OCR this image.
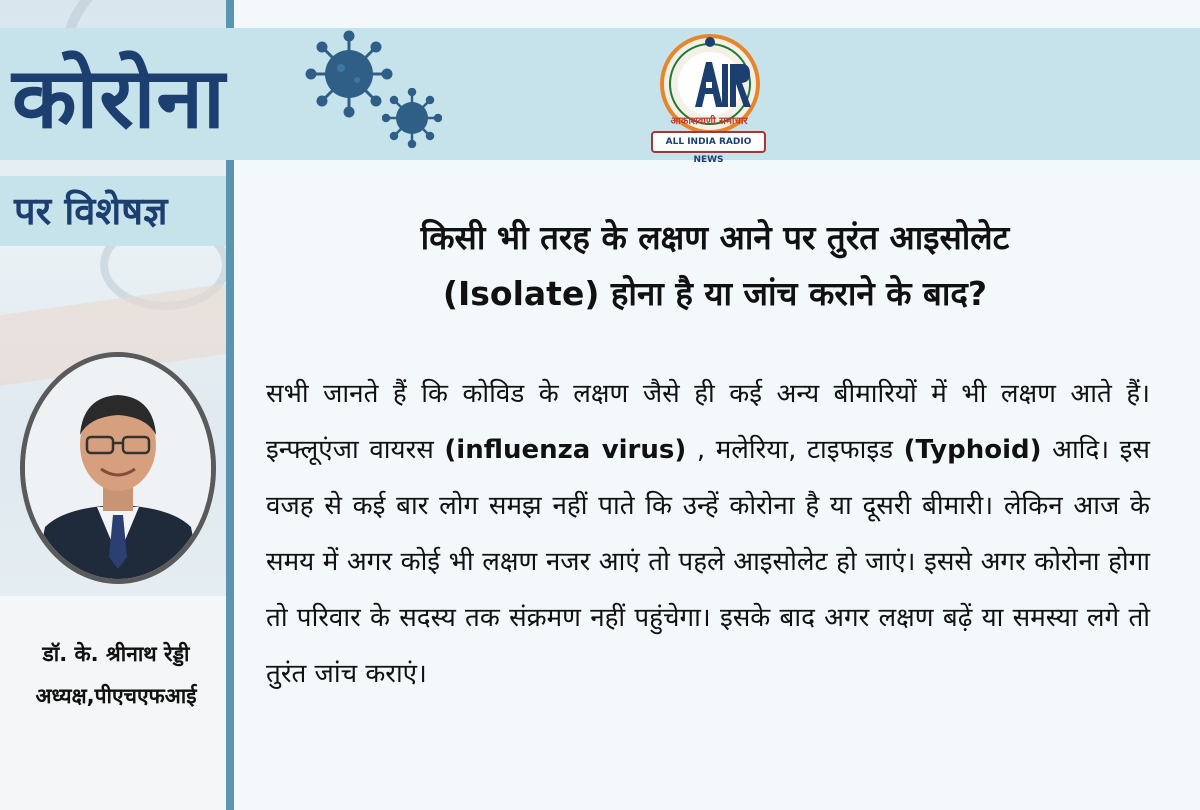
कोरोना
पर विशेषज्ञ
आकाशवाणी समाचार
ALL INDIA RADIO NEWS
किसी भी तरह के लक्षण आने पर तुरंत आइसोलेट
(Isolate) होना है या जांच कराने के बाद?
सभी जानते हैं कि कोविड के लक्षण जैसे ही कई अन्य बीमारियों में भी लक्षण आते हैं। इन्फ्लूएंजा वायरस (influenza virus) , मलेरिया, टाइफाइड (Typhoid) आदि। इस वजह से कई बार लोग समझ नहीं पाते कि उन्हें कोरोना है या दूसरी बीमारी। लेकिन आज के समय में अगर कोई भी लक्षण नजर आएं तो पहले आइसोलेट हो जाएं। इससे अगर कोरोना होगा तो परिवार के सदस्य तक संक्रमण नहीं पहुंचेगा। इसके बाद अगर लक्षण बढ़ें या समस्या लगे तो तुरंत जांच कराएं।
डॉ. के. श्रीनाथ रेड्डी
अध्यक्ष,पीएचएफआई
